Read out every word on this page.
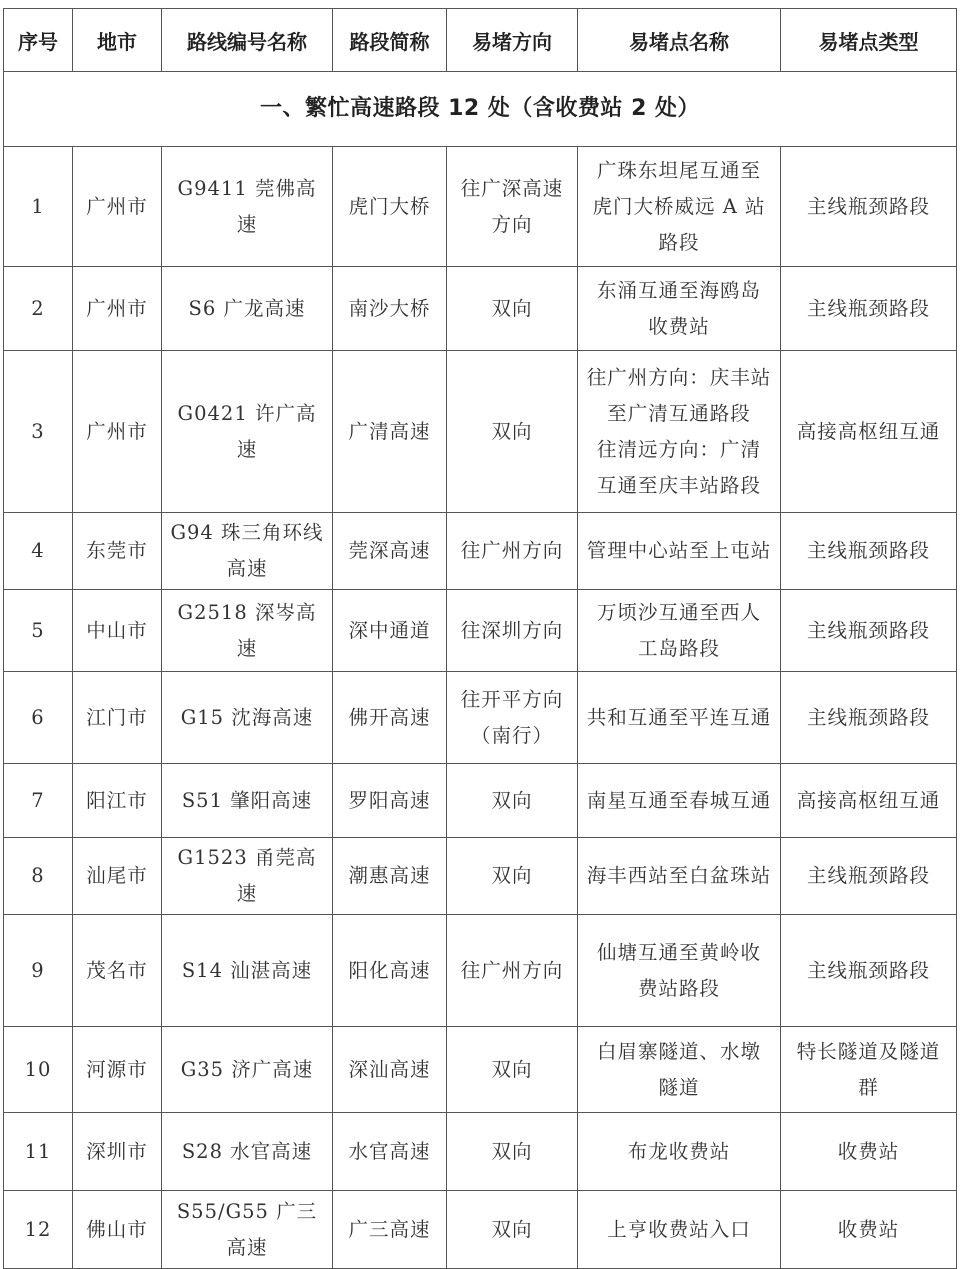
序号	地市	路线编号名称	路段简称	易堵方向	易堵点名称	易堵点类型
一、繁忙高速路段 12 处（含收费站 2 处）						
1	广州市	G9411 莞佛高速	虎门大桥	往广深高速
方向	广珠东坦尾互通至
虎门大桥威远 A 站
路段	主线瓶颈路段

2	广州市	S6 广龙高速	南沙大桥	双向	东涌互通至海鸥岛
收费站	主线瓶颈路段

3	广州市	G0421 许广高速	广清高速	双向	往广州方向：庆丰站
至广清互通路段
往清远方向：广清
互通至庆丰站路段	高接高枢纽互通

4	东莞市	G94 珠三角环线
高速	莞深高速	往广州方向	管理中心站至上屯站	主线瓶颈路段

5	中山市	G2518 深岑高速	深中通道	往深圳方向	万顷沙互通至西人
工岛路段	主线瓶颈路段

6	江门市	G15 沈海高速	佛开高速	往开平方向
（南行）	共和互通至平连互通	主线瓶颈路段

7	阳江市	S51 肇阳高速	罗阳高速	双向	南星互通至春城互通	高接高枢纽互通

8	汕尾市	G1523 甬莞高速	潮惠高速	双向	海丰西站至白盆珠站	主线瓶颈路段

9	茂名市	S14 汕湛高速	阳化高速	往广州方向	仙塘互通至黄岭收
费站路段	主线瓶颈路段

10	河源市	G35 济广高速	深汕高速	双向	白眉寨隧道、水墩
隧道	特长隧道及隧道
群

11	深圳市	S28 水官高速	水官高速	双向	布龙收费站	收费站

12	佛山市	S55/G55 广三高速	广三高速	双向	上亨收费站入口	收费站
